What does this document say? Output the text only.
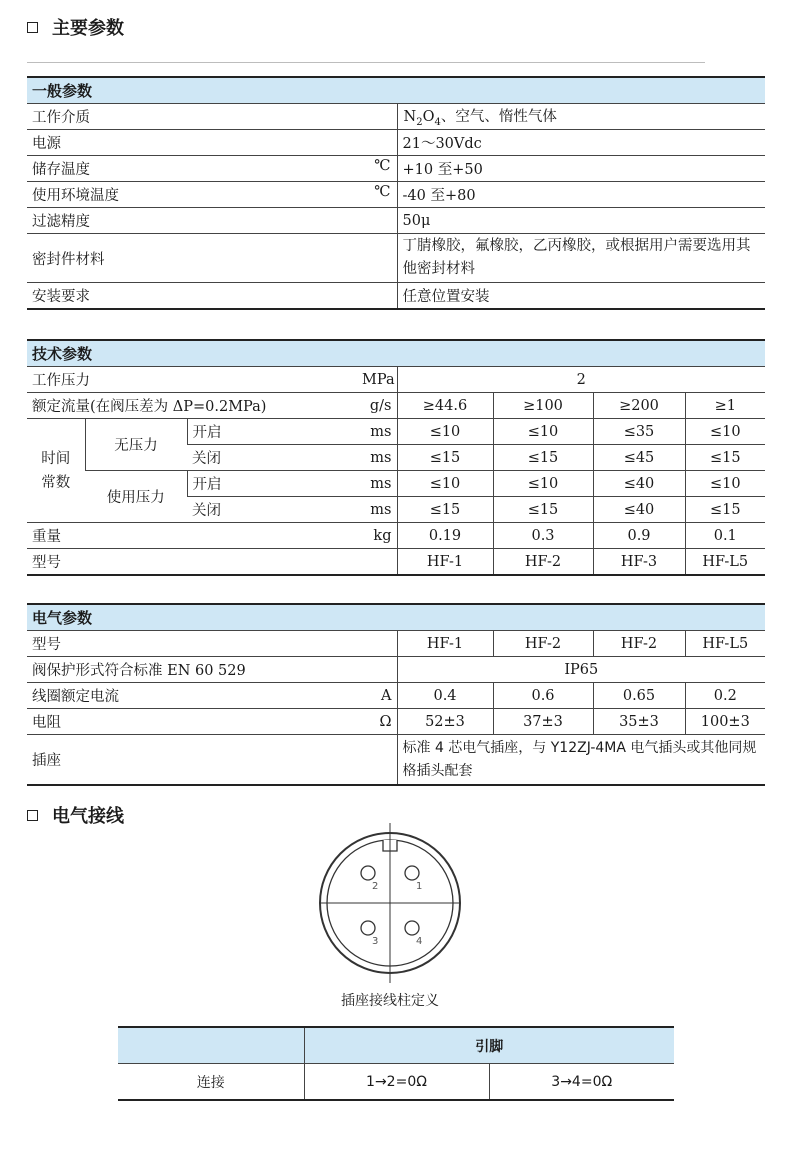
主要参数
一般参数	
工作介质	$N_2O_4$、空气、惰性气体
电源	21～30Vdc
储存温度 ℃	+10 至+50
使用环境温度 ℃	-40 至+80
过滤精度	50μ
密封件材料	丁腈橡胶，氟橡胶，乙丙橡胶，或根据用户需要选用其他密封材料
安装要求	任意位置安装
技术参数							
工作压力			MPa	2			
额定流量(在阀压差为 ΔP=0.2MPa)			g/s	≥44.6	≥100	≥200	≥1
时间
常数	无压力	开启	ms	≤10	≤10	≤35	≤10
		关闭	ms	≤15	≤15	≤45	≤15
	使用压力	开启	ms	≤10	≤10	≤40	≤10
		关闭	ms	≤15	≤15	≤40	≤15
重量			kg	0.19	0.3	0.9	0.1
型号				HF-1	HF-2	HF-3	HF-L5
电气参数					
型号		HF-1	HF-2	HF-2	HF-L5
阀保护形式符合标准 EN 60 529		IP65			
线圈额定电流	A	0.4	0.6	0.65	0.2
电阻	Ω	52±3	37±3	35±3	100±3
插座		标准 4 芯电气插座，与 Y12ZJ-4MA 电气插头或其他同规格插头配套			
电气接线
2	1
3	4
插座接线柱定义
	引脚	
连接	1→2=0Ω	3→4=0Ω
